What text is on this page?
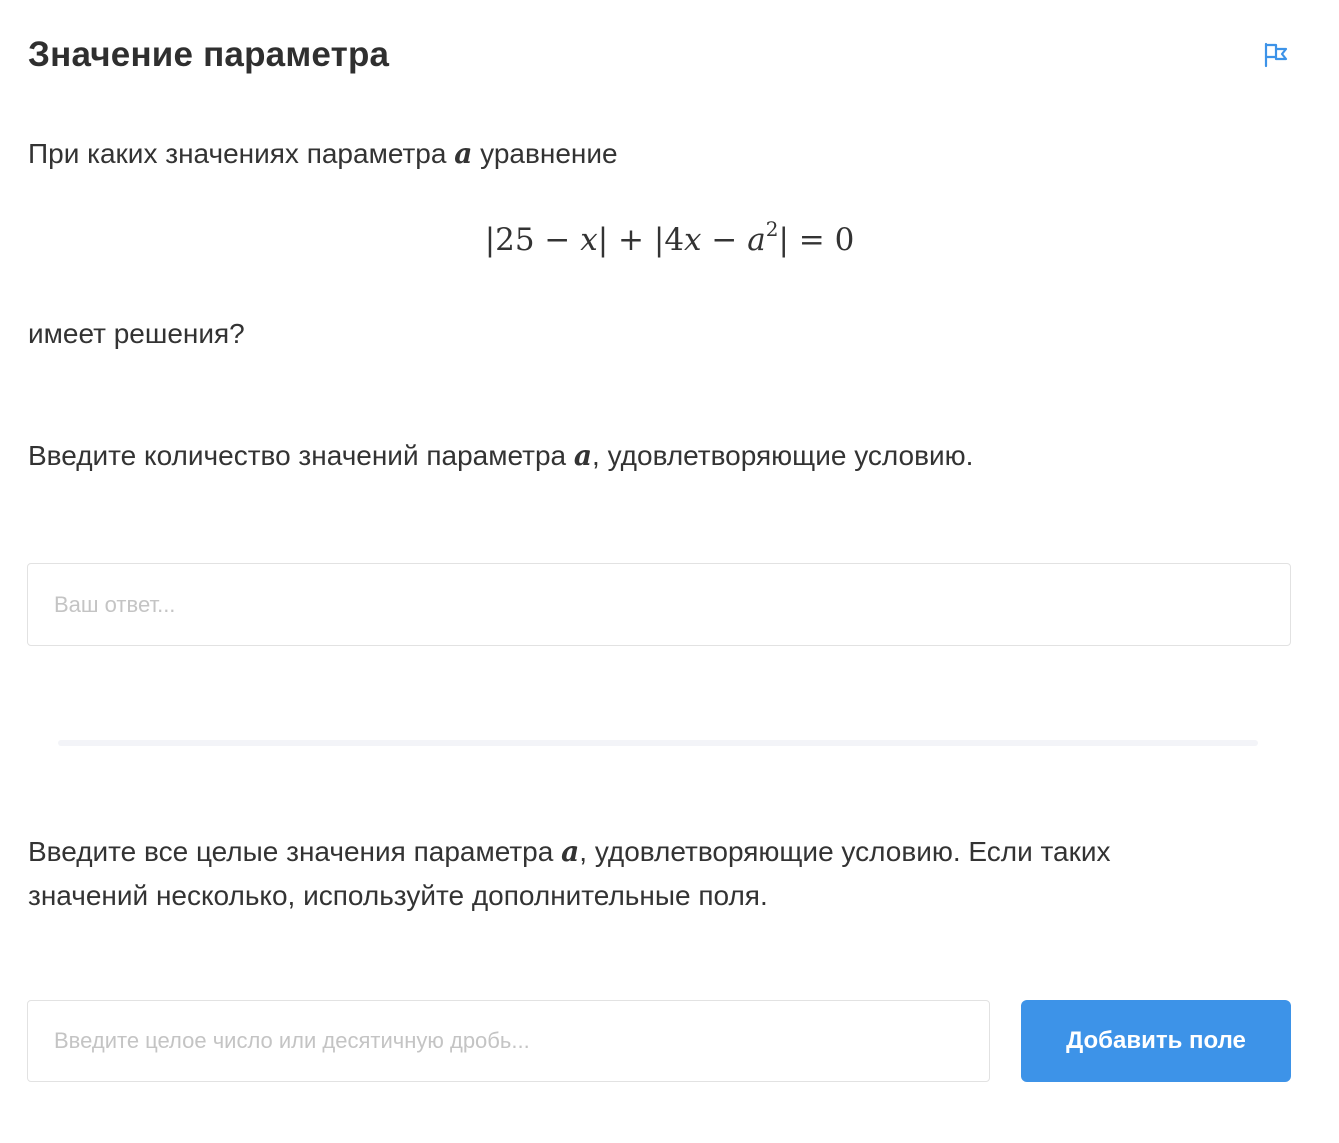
Значение параметра

При каких значениях параметра a уравнение

$|25 - x| + |4x - a^2| = 0$

имеет решения?

Введите количество значений параметра a, удовлетворяющие условию.

Ваш ответ...

Введите все целые значения параметра a, удовлетворяющие условию. Если таких значений несколько, используйте дополнительные поля.

Введите целое число или десятичную дробь...
Добавить поле
